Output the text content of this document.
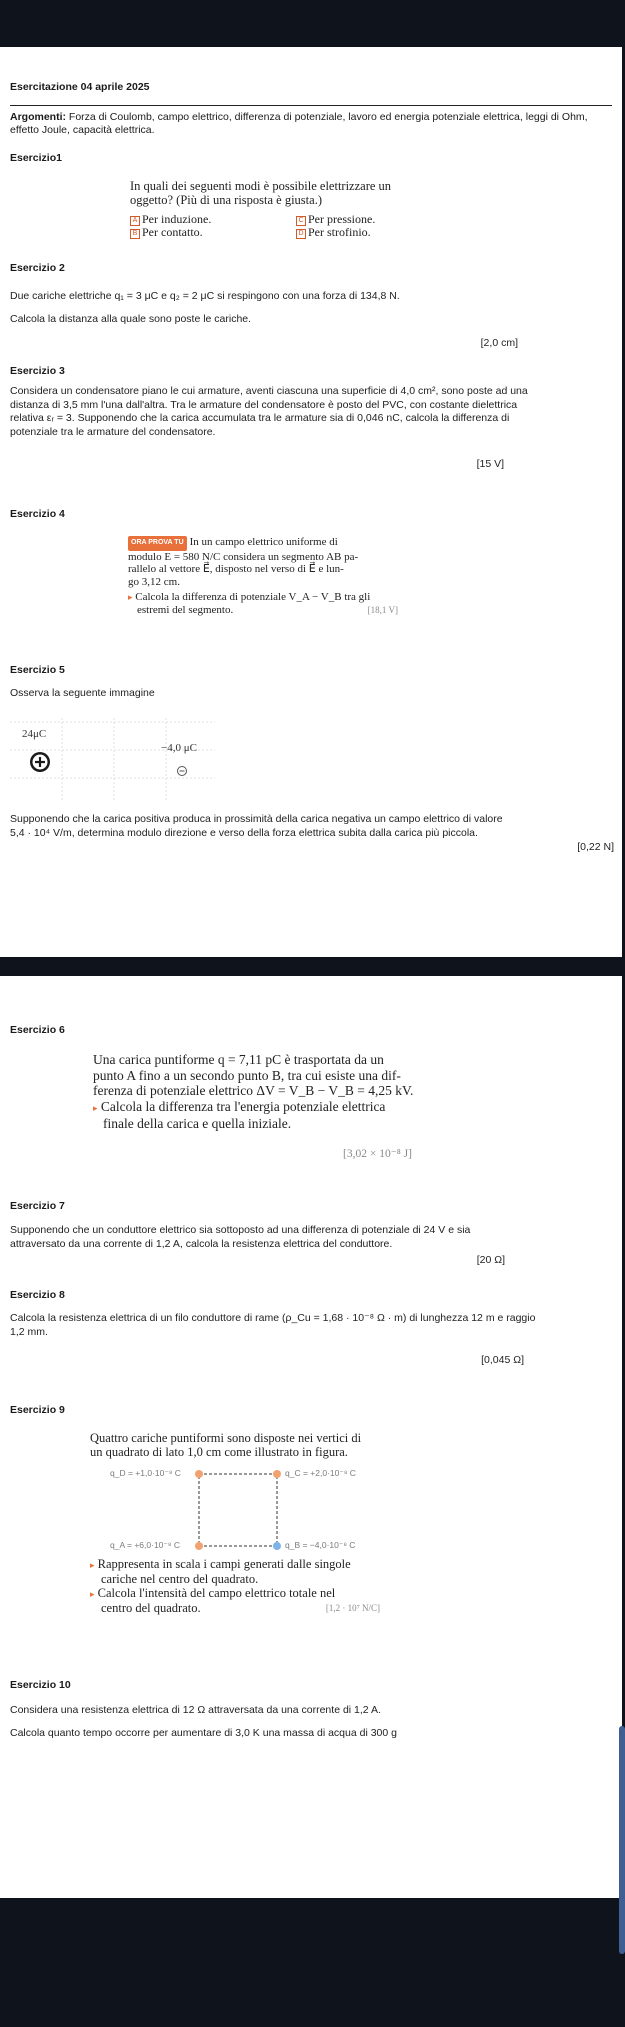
Esercitazione 04 aprile 2025
Argomenti: Forza di Coulomb, campo elettrico, differenza di potenziale, lavoro ed energia potenziale elettrica, leggi di Ohm, effetto Joule, capacità elettrica.
Esercizio1
In quali dei seguenti modi è possibile elettrizzare un
oggetto? (Più di una risposta è giusta.)
A Per induzione.	C Per pressione.
B Per contatto.	D Per strofinio.
Esercizio 2
Due cariche elettriche q₁ = 3 μC e q₂ = 2 μC si respingono con una forza di 134,8 N.
Calcola la distanza alla quale sono poste le cariche.
[2,0 cm]
Esercizio 3
Considera un condensatore piano le cui armature, aventi ciascuna una superficie di 4,0 cm², sono poste ad una
distanza di 3,5 mm l'una dall'altra. Tra le armature del condensatore è posto del PVC, con costante dielettrica
relativa εᵣ = 3. Supponendo che la carica accumulata tra le armature sia di 0,046 nC, calcola la differenza di
potenziale tra le armature del condensatore.
[15 V]
Esercizio 4
ORA PROVA TU In un campo elettrico uniforme di
modulo E = 580 N/C considera un segmento AB pa-
rallelo al vettore E⃗, disposto nel verso di E⃗ e lun-
go 3,12 cm.
▸ Calcola la differenza di potenziale V_A − V_B tra gli
estremi del segmento.	[18,1 V]
Esercizio 5
Osserva la seguente immagine
24μC
−4,0 μC
Supponendo che la carica positiva produca in prossimità della carica negativa un campo elettrico di valore
5,4 · 10⁴ V/m, determina modulo direzione e verso della forza elettrica subita dalla carica più piccola.
[0,22 N]
Esercizio 6
Una carica puntiforme q = 7,11 pC è trasportata da un
punto A fino a un secondo punto B, tra cui esiste una dif-
ferenza di potenziale elettrico ΔV = V_B − V_B = 4,25 kV.
▸ Calcola la differenza tra l'energia potenziale elettrica
finale della carica e quella iniziale.
[3,02 × 10⁻⁸ J]
Esercizio 7
Supponendo che un conduttore elettrico sia sottoposto ad una differenza di potenziale di 24 V e sia
attraversato da una corrente di 1,2 A, calcola la resistenza elettrica del conduttore.
[20 Ω]
Esercizio 8
Calcola la resistenza elettrica di un filo conduttore di rame (ρ_Cu = 1,68 · 10⁻⁸ Ω · m) di lunghezza 12 m e raggio
1,2 mm.
[0,045 Ω]
Esercizio 9
Quattro cariche puntiformi sono disposte nei vertici di
un quadrato di lato 1,0 cm come illustrato in figura.
q_D = +1,0·10⁻⁸ C	q_C = +2,0·10⁻⁸ C
q_A = +6,0·10⁻⁸ C	q_B = −4,0·10⁻⁸ C
▸ Rappresenta in scala i campi generati dalle singole
cariche nel centro del quadrato.
▸ Calcola l'intensità del campo elettrico totale nel
centro del quadrato.	[1,2 · 10⁷ N/C]
Esercizio 10
Considera una resistenza elettrica di 12 Ω attraversata da una corrente di 1,2 A.
Calcola quanto tempo occorre per aumentare di 3,0 K una massa di acqua di 300 g
